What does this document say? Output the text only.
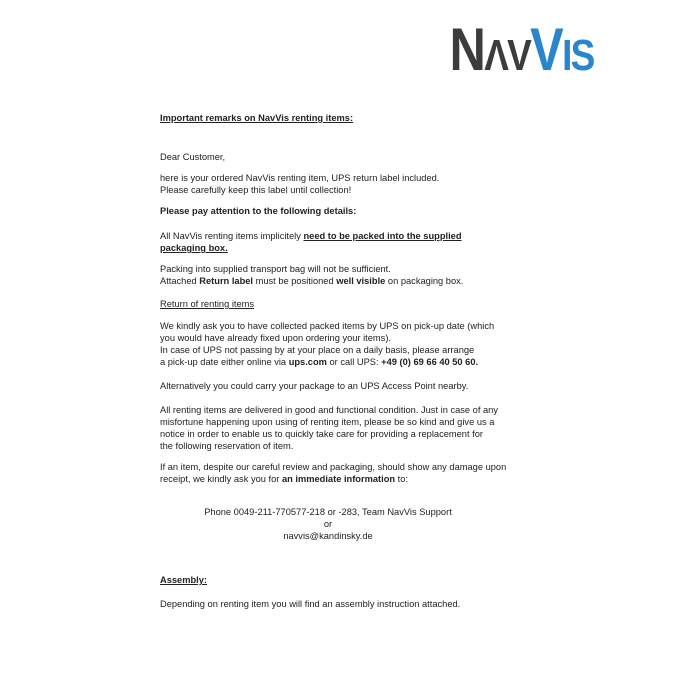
NΛVVIS

Important remarks on NavVis renting items:

Dear Customer,

here is your ordered NavVis renting item, UPS return label included.
Please carefully keep this label until collection!

Please pay attention to the following details:

All NavVis renting items implicitely need to be packed into the supplied
packaging box.

Packing into supplied transport bag will not be sufficient.
Attached Return label must be positioned well visible on packaging box.

Return of renting items

We kindly ask you to have collected packed items by UPS on pick-up date (which
you would have already fixed upon ordering your items).
In case of UPS not passing by at your place on a daily basis, please arrange
a pick-up date either online via ups.com or call UPS: +49 (0) 69 66 40 50 60.

Alternatively you could carry your package to an UPS Access Point nearby.

All renting items are delivered in good and functional condition. Just in case of any
misfortune happening upon using of renting item, please be so kind and give us a
notice in order to enable us to quickly take care for providing a replacement for
the following reservation of item.

If an item, despite our careful review and packaging, should show any damage upon
receipt, we kindly ask you for an immediate information to:

Phone 0049-211-770577-218 or -283, Team NavVis Support
or
navvis@kandinsky.de

Assembly:

Depending on renting item you will find an assembly instruction attached.
